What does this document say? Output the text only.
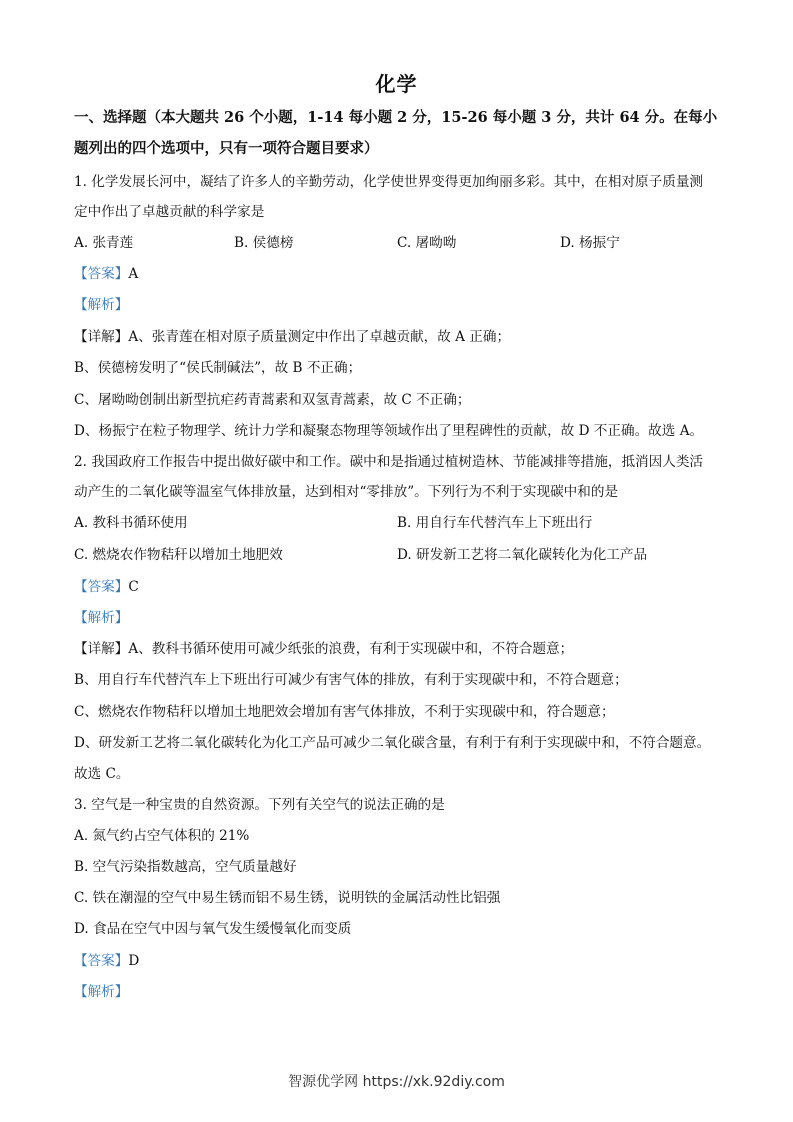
化学
一、选择题（本大题共 26 个小题，1-14 每小题 2 分，15-26 每小题 3 分，共计 64 分。在每小
题列出的四个选项中，只有一项符合题目要求）
1. 化学发展长河中，凝结了许多人的辛勤劳动，化学使世界变得更加绚丽多彩。其中，在相对原子质量测
定中作出了卓越贡献的科学家是
A. 张青莲	B. 侯德榜	C. 屠呦呦	D. 杨振宁
【答案】A
【解析】
【详解】A、张青莲在相对原子质量测定中作出了卓越贡献，故 A 正确；
B、侯德榜发明了“侯氏制碱法”，故 B 不正确；
C、屠呦呦创制出新型抗疟药青蒿素和双氢青蒿素，故 C 不正确；
D、杨振宁在粒子物理学、统计力学和凝聚态物理等领域作出了里程碑性的贡献，故 D 不正确。故选 A。
2. 我国政府工作报告中提出做好碳中和工作。碳中和是指通过植树造林、节能减排等措施，抵消因人类活
动产生的二氧化碳等温室气体排放量，达到相对“零排放”。下列行为不利于实现碳中和的是
A. 教科书循环使用	B. 用自行车代替汽车上下班出行
C. 燃烧农作物秸秆以增加土地肥效	D. 研发新工艺将二氧化碳转化为化工产品
【答案】C
【解析】
【详解】A、教科书循环使用可减少纸张的浪费，有利于实现碳中和，不符合题意；
B、用自行车代替汽车上下班出行可减少有害气体的排放，有利于实现碳中和，不符合题意；
C、燃烧农作物秸秆以增加土地肥效会增加有害气体排放，不利于实现碳中和，符合题意；
D、研发新工艺将二氧化碳转化为化工产品可减少二氧化碳含量，有利于有利于实现碳中和，不符合题意。
故选 C。
3. 空气是一种宝贵的自然资源。下列有关空气的说法正确的是
A. 氮气约占空气体积的 21%
B. 空气污染指数越高，空气质量越好
C. 铁在潮湿的空气中易生锈而铝不易生锈，说明铁的金属活动性比铝强
D. 食品在空气中因与氧气发生缓慢氧化而变质
【答案】D
【解析】
智源优学网 https://xk.92diy.com
